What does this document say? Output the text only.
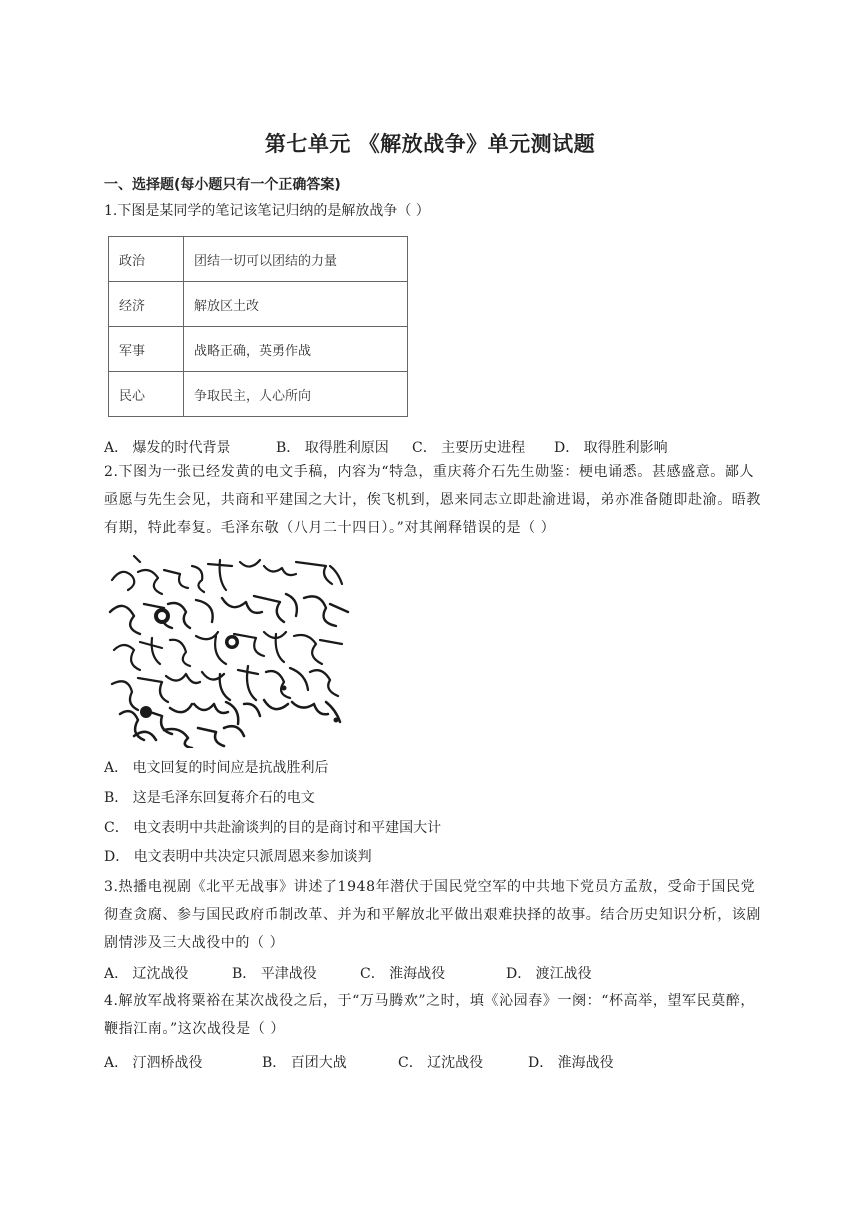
第七单元 《解放战争》单元测试题
一、选择题(每小题只有一个正确答案)
1.下图是某同学的笔记该笔记归纳的是解放战争（ ）
政治	团结一切可以团结的力量
经济	解放区土改
军事	战略正确，英勇作战
民心	争取民主，人心所向
A． 爆发的时代背景	B． 取得胜利原因	C． 主要历史进程	D． 取得胜利影响
2.下图为一张已经发黄的电文手稿，内容为“特急，重庆蒋介石先生勋鉴：梗电诵悉。甚感盛意。鄙人亟愿与先生会见，共商和平建国之大计，俟飞机到，恩来同志立即赴渝进谒，弟亦准备随即赴渝。晤教有期，特此奉复。毛泽东敬（八月二十四日）。”对其阐释错误的是（ ）
A． 电文回复的时间应是抗战胜利后
B． 这是毛泽东回复蒋介石的电文
C． 电文表明中共赴渝谈判的目的是商讨和平建国大计
D． 电文表明中共决定只派周恩来参加谈判
3.热播电视剧《北平无战事》讲述了1948年潜伏于国民党空军的中共地下党员方孟敖，受命于国民党彻查贪腐、参与国民政府币制改革、并为和平解放北平做出艰难抉择的故事。结合历史知识分析，该剧剧情涉及三大战役中的（ ）
A． 辽沈战役	B． 平津战役	C． 淮海战役	D． 渡江战役
4.解放军战将粟裕在某次战役之后，于“万马腾欢”之时，填《沁园春》一阕：“杯高举，望军民莫醉，鞭指江南。”这次战役是（ ）
A． 汀泗桥战役	B． 百团大战	C． 辽沈战役	D． 淮海战役
